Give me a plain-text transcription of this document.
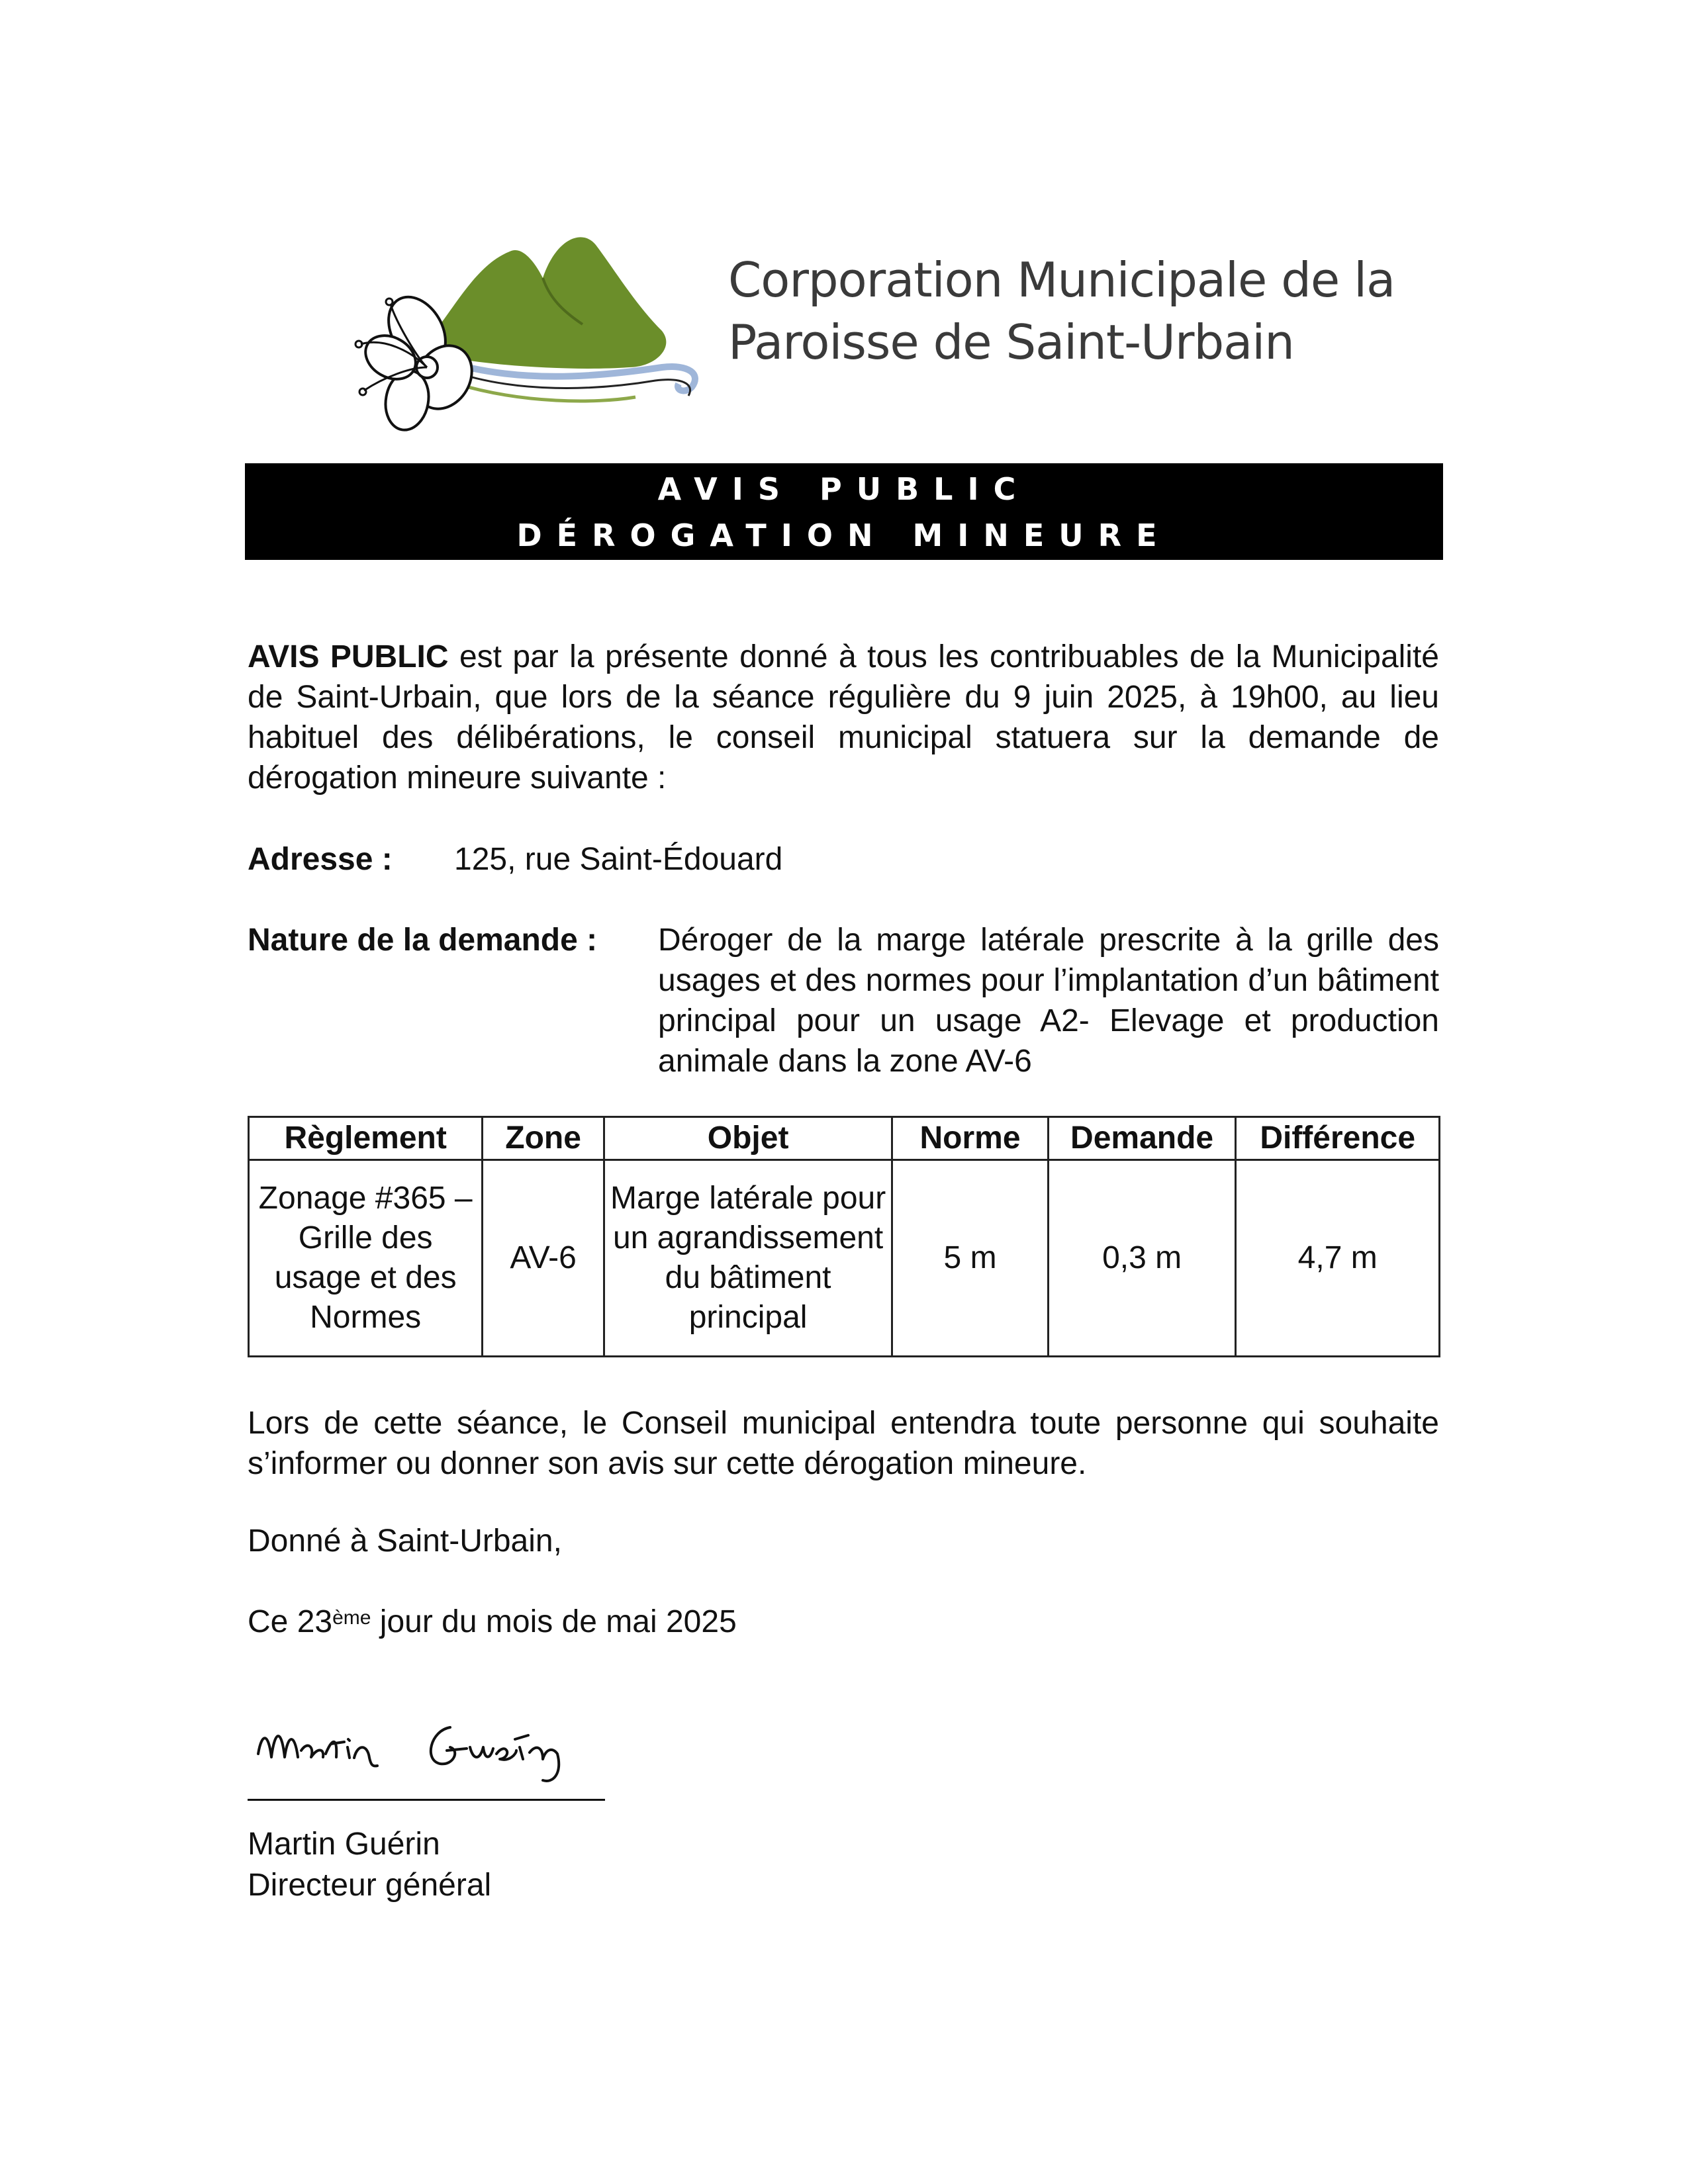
Corporation Municipale de la
Paroisse de Saint-Urbain
AVIS PUBLIC
DÉROGATION MINEURE
AVIS PUBLIC est par la présente donné à tous les contribuables de la Municipalité de Saint-Urbain, que lors de la séance régulière du 9 juin 2025, à 19h00, au lieu habituel des délibérations, le conseil municipal statuera sur la demande de dérogation mineure suivante :
Adresse : 125, rue Saint-Édouard
Nature de la demande : Déroger de la marge latérale prescrite à la grille des usages et des normes pour l’implantation d’un bâtiment principal pour un usage A2- Elevage et production animale dans la zone AV-6
Règlement	Zone	Objet	Norme	Demande	Différence
Zonage #365 – Grille des usage et des Normes	AV-6	Marge latérale pour un agrandissement du bâtiment principal	5 m	0,3 m	4,7 m
Lors de cette séance, le Conseil municipal entendra toute personne qui souhaite s’informer ou donner son avis sur cette dérogation mineure.
Donné à Saint-Urbain,
Ce 23ème jour du mois de mai 2025
Martin Guérin
Directeur général
